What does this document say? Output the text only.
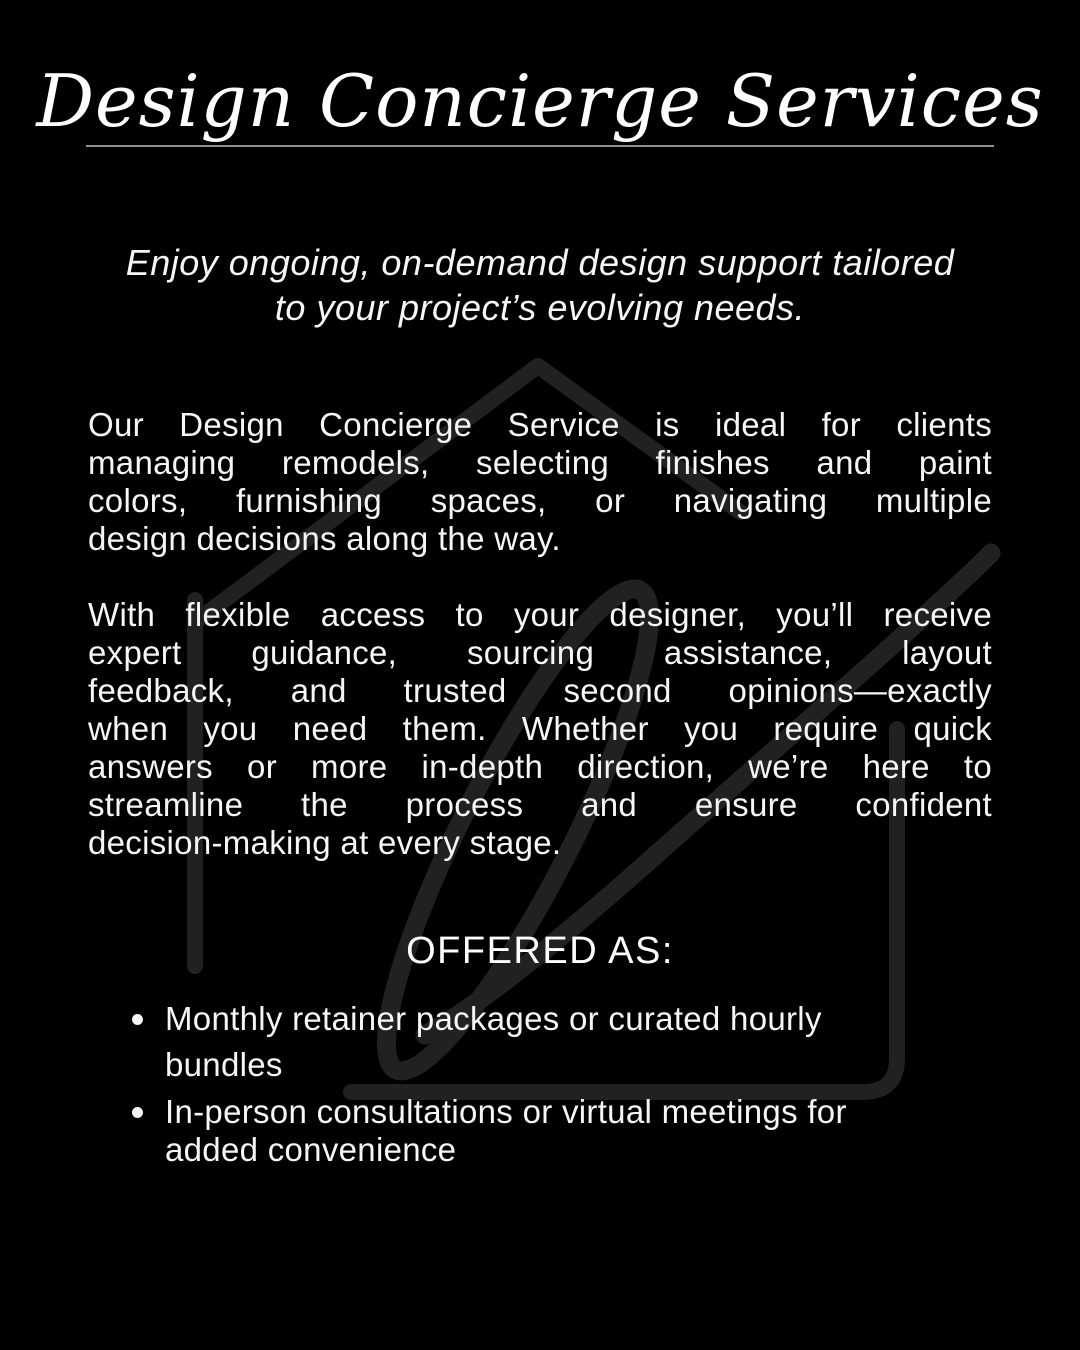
Design Concierge Services
Enjoy ongoing, on-demand design support tailored
to your project’s evolving needs.
Our Design Concierge Service is ideal for clients
managing remodels, selecting finishes and paint
colors, furnishing spaces, or navigating multiple
design decisions along the way.
With flexible access to your designer, you’ll receive
expert guidance, sourcing assistance, layout
feedback, and trusted second opinions—exactly
when you need them. Whether you require quick
answers or more in-depth direction, we’re here to
streamline the process and ensure confident
decision-making at every stage.
OFFERED AS:
Monthly retainer packages or curated hourly
bundles
In-person consultations or virtual meetings for
added convenience
